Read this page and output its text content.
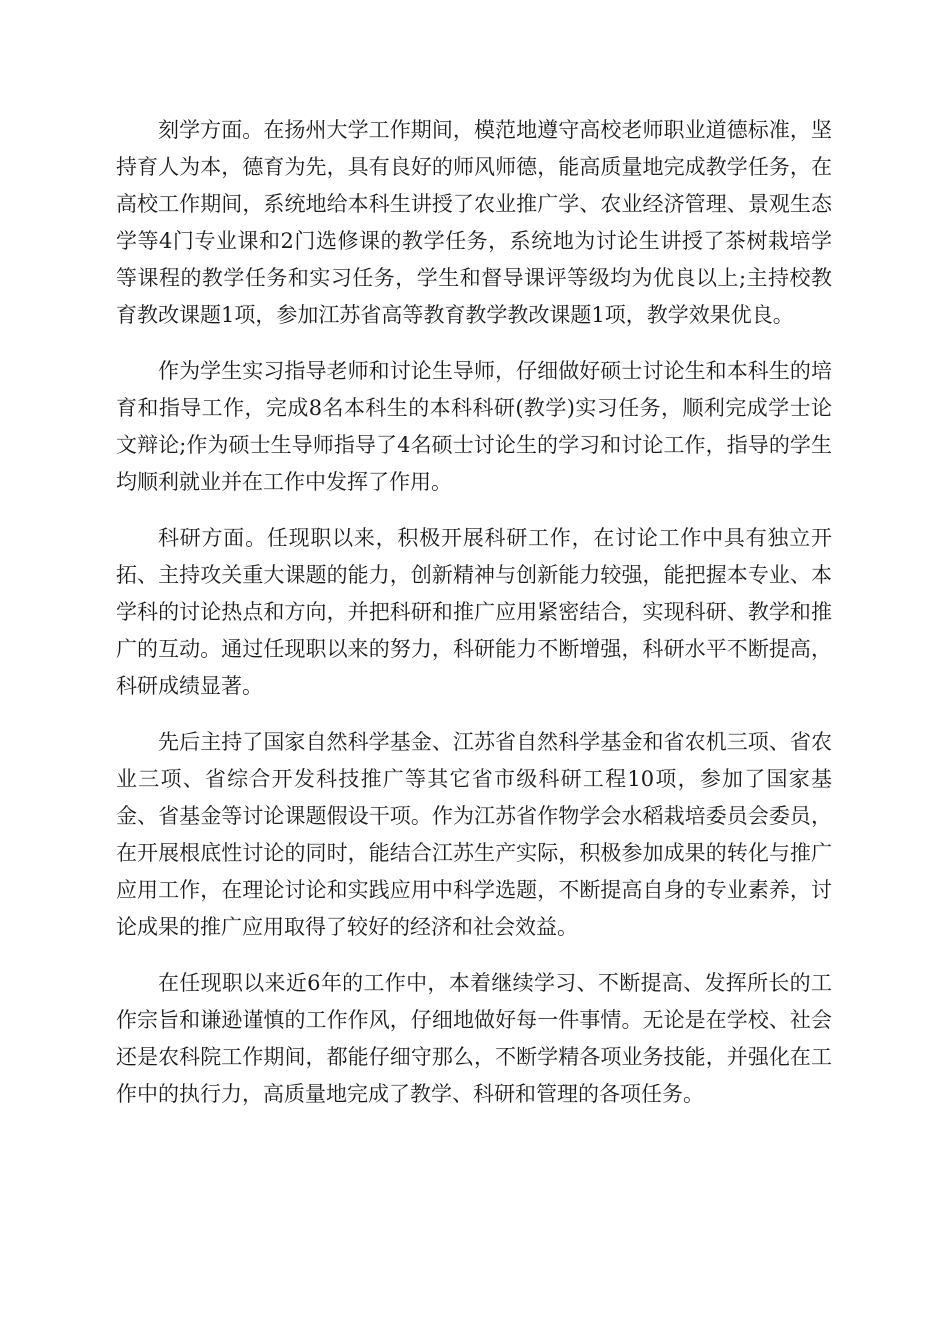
刻学方面。在扬州大学工作期间，模范地遵守高校老师职业道德标准，坚持育人为本，德育为先，具有良好的师风师德，能高质量地完成教学任务，在高校工作期间，系统地给本科生讲授了农业推广学、农业经济管理、景观生态学等4门专业课和2门选修课的教学任务，系统地为讨论生讲授了茶树栽培学等课程的教学任务和实习任务，学生和督导课评等级均为优良以上;主持校教育教改课题1项，参加江苏省高等教育教学教改课题1项，教学效果优良。

作为学生实习指导老师和讨论生导师，仔细做好硕士讨论生和本科生的培育和指导工作，完成8名本科生的本科科研(教学)实习任务，顺利完成学士论文辩论;作为硕士生导师指导了4名硕士讨论生的学习和讨论工作，指导的学生均顺利就业并在工作中发挥了作用。

科研方面。任现职以来，积极开展科研工作，在讨论工作中具有独立开拓、主持攻关重大课题的能力，创新精神与创新能力较强，能把握本专业、本学科的讨论热点和方向，并把科研和推广应用紧密结合，实现科研、教学和推广的互动。通过任现职以来的努力，科研能力不断增强，科研水平不断提高，科研成绩显著。

先后主持了国家自然科学基金、江苏省自然科学基金和省农机三项、省农业三项、省综合开发科技推广等其它省市级科研工程10项，参加了国家基金、省基金等讨论课题假设干项。作为江苏省作物学会水稻栽培委员会委员，在开展根底性讨论的同时，能结合江苏生产实际，积极参加成果的转化与推广应用工作，在理论讨论和实践应用中科学选题，不断提高自身的专业素养，讨论成果的推广应用取得了较好的经济和社会效益。

在任现职以来近6年的工作中，本着继续学习、不断提高、发挥所长的工作宗旨和谦逊谨慎的工作作风，仔细地做好每一件事情。无论是在学校、社会还是农科院工作期间，都能仔细守那么，不断学精各项业务技能，并强化在工作中的执行力，高质量地完成了教学、科研和管理的各项任务。
